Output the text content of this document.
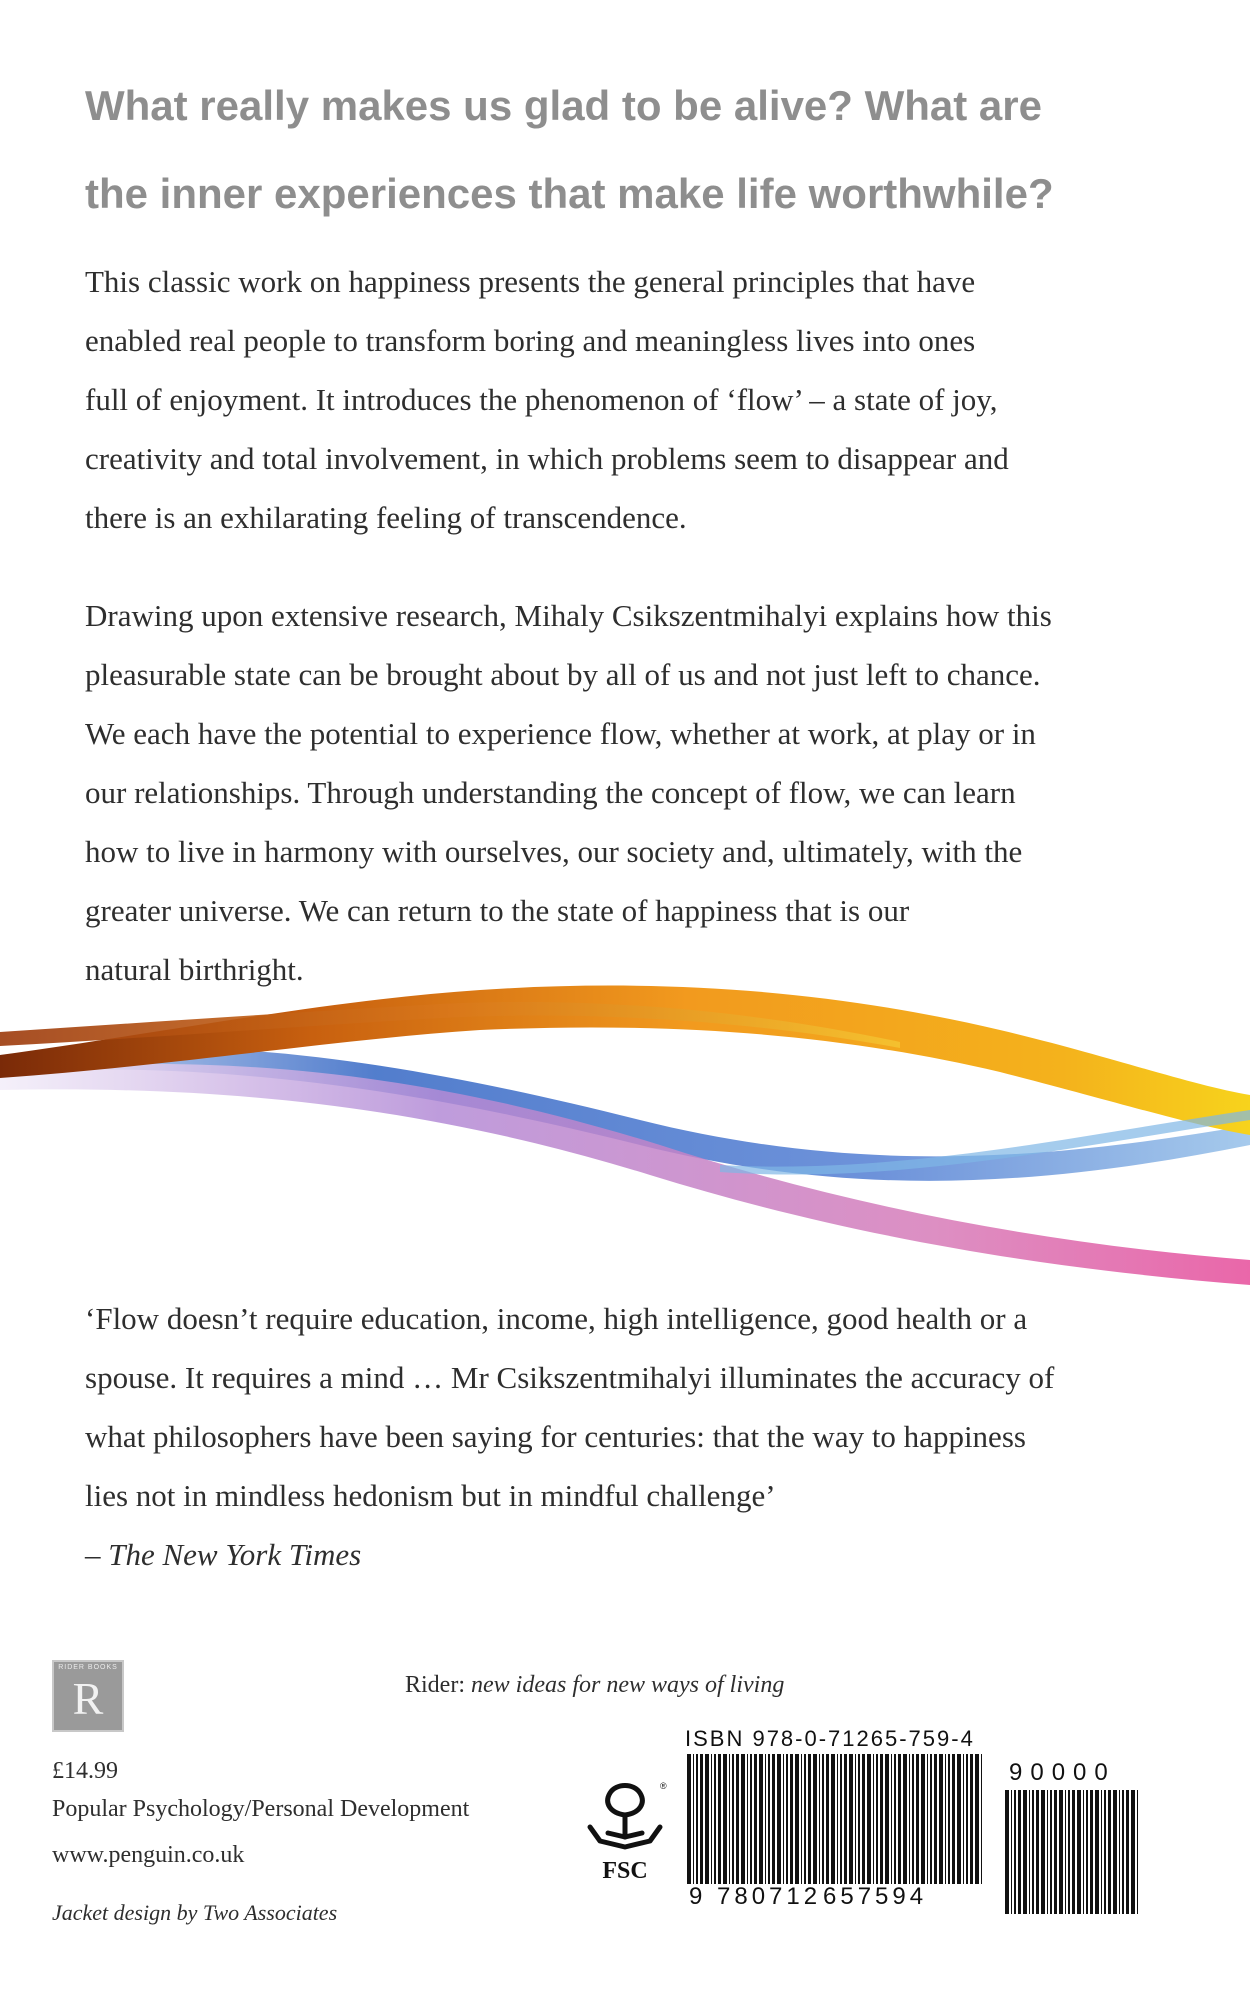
What really makes us glad to be alive? What are
the inner experiences that make life worthwhile?
This classic work on happiness presents the general principles that have
enabled real people to transform boring and meaningless lives into ones
full of enjoyment. It introduces the phenomenon of ‘flow’ – a state of joy,
creativity and total involvement, in which problems seem to disappear and
there is an exhilarating feeling of transcendence.
Drawing upon extensive research, Mihaly Csikszentmihalyi explains how this
pleasurable state can be brought about by all of us and not just left to chance.
We each have the potential to experience flow, whether at work, at play or in
our relationships. Through understanding the concept of flow, we can learn
how to live in harmony with ourselves, our society and, ultimately, with the
greater universe. We can return to the state of happiness that is our
natural birthright.
‘Flow doesn’t require education, income, high intelligence, good health or a
spouse. It requires a mind … Mr Csikszentmihalyi illuminates the accuracy of
what philosophers have been saying for centuries: that the way to happiness
lies not in mindless hedonism but in mindful challenge’
– The New York Times
RIDER BOOKS
R	Rider: new ideas for new ways of living
£14.99
Popular Psychology/Personal Development
www.penguin.co.uk
Jacket design by Two Associates
®
FSC
ISBN 978-0-71265-759-4
9 780712 657594
90000
